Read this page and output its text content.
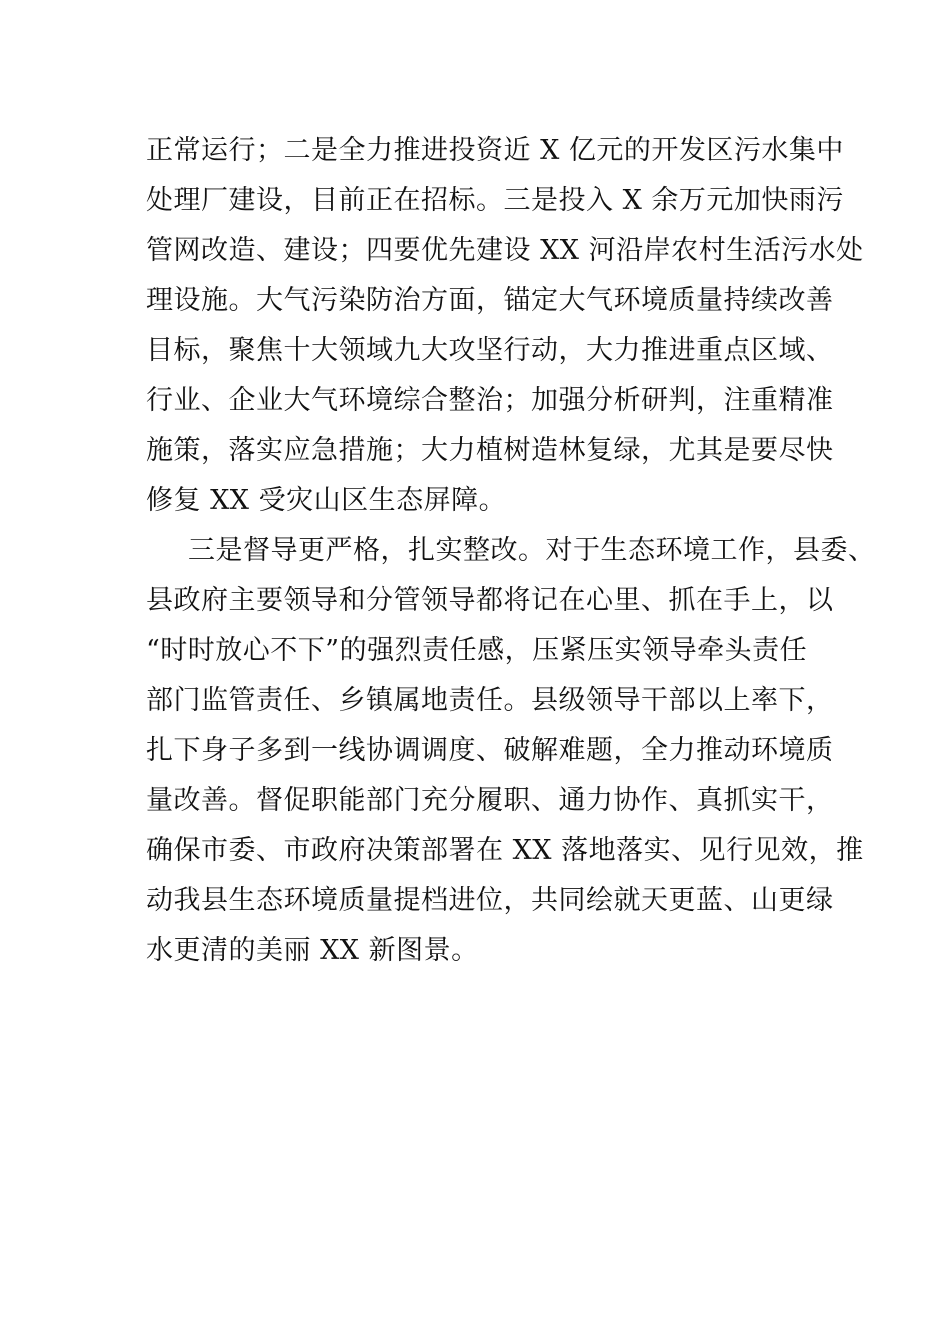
正常运行；二是全力推进投资近 X 亿元的开发区污水集中
处理厂建设，目前正在招标。三是投入 X 余万元加快雨污
管网改造、建设；四要优先建设 XX 河沿岸农村生活污水处
理设施。大气污染防治方面，锚定大气环境质量持续改善
目标，聚焦十大领域九大攻坚行动，大力推进重点区域、
行业、企业大气环境综合整治；加强分析研判，注重精准
施策，落实应急措施；大力植树造林复绿，尤其是要尽快
修复 XX 受灾山区生态屏障。
三是督导更严格，扎实整改。对于生态环境工作，县委、
县政府主要领导和分管领导都将记在心里、抓在手上，以
“时时放心不下”的强烈责任感，压紧压实领导牵头责任
部门监管责任、乡镇属地责任。县级领导干部以上率下，
扎下身子多到一线协调调度、破解难题，全力推动环境质
量改善。督促职能部门充分履职、通力协作、真抓实干，
确保市委、市政府决策部署在 XX 落地落实、见行见效，推
动我县生态环境质量提档进位，共同绘就天更蓝、山更绿
水更清的美丽 XX 新图景。
